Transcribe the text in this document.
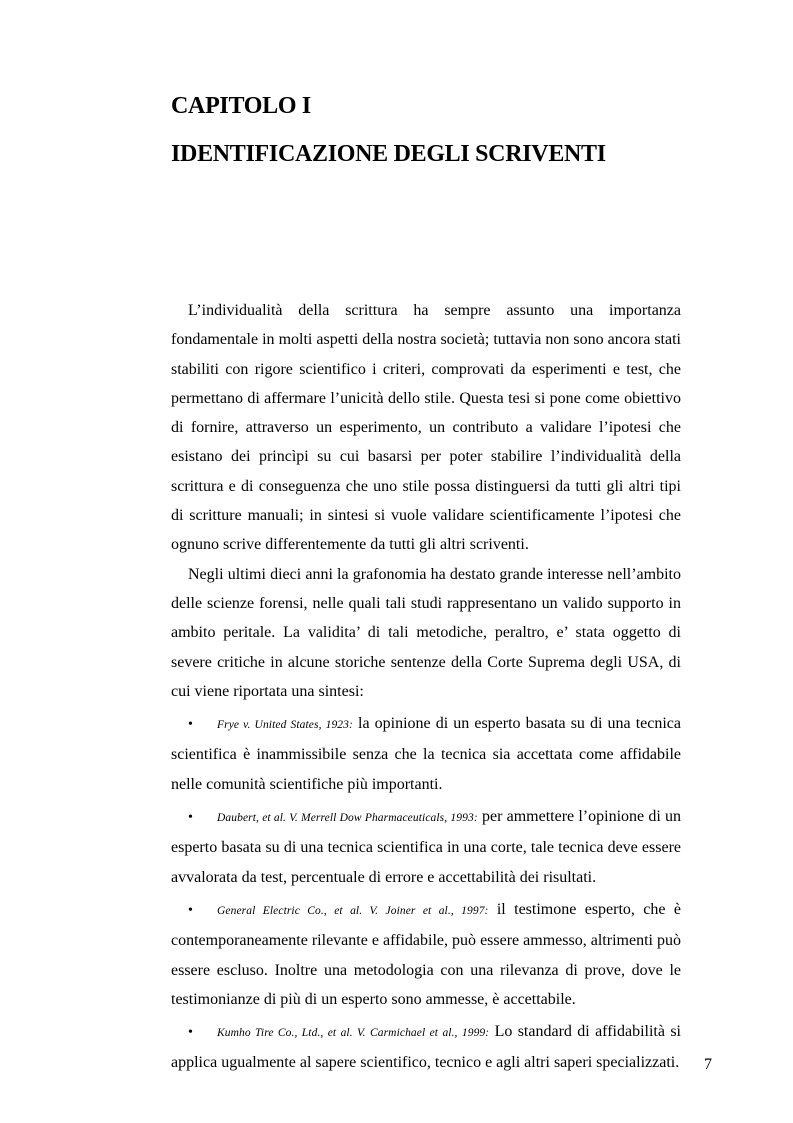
CAPITOLO I
IDENTIFICAZIONE DEGLI SCRIVENTI

L’individualità della scrittura ha sempre assunto una importanza fondamentale in molti aspetti della nostra società; tuttavia non sono ancora stati stabiliti con rigore scientifico i criteri, comprovati da esperimenti e test, che permettano di affermare l’unicità dello stile. Questa tesi si pone come obiettivo di fornire, attraverso un esperimento, un contributo a validare l’ipotesi che esistano dei princìpi su cui basarsi per poter stabilire l’individualità della scrittura e di conseguenza che uno stile possa distinguersi da tutti gli altri tipi di scritture manuali; in sintesi si vuole validare scientificamente l’ipotesi che ognuno scrive differentemente da tutti gli altri scriventi.

Negli ultimi dieci anni la grafonomia ha destato grande interesse nell’ambito delle scienze forensi, nelle quali tali studi rappresentano un valido supporto in ambito peritale. La validita’ di tali metodiche, peraltro, e’ stata oggetto di severe critiche in alcune storiche sentenze della Corte Suprema degli USA, di cui viene riportata una sintesi:

• Frye v. United States, 1923: la opinione di un esperto basata su di una tecnica scientifica è inammissibile senza che la tecnica sia accettata come affidabile nelle comunità scientifiche più importanti.

• Daubert, et al. V. Merrell Dow Pharmaceuticals, 1993: per ammettere l’opinione di un esperto basata su di una tecnica scientifica in una corte, tale tecnica deve essere avvalorata da test, percentuale di errore e accettabilità dei risultati.

• General Electric Co., et al. V. Joiner et al., 1997: il testimone esperto, che è contemporaneamente rilevante e affidabile, può essere ammesso, altrimenti può essere escluso. Inoltre una metodologia con una rilevanza di prove, dove le testimonianze di più di un esperto sono ammesse, è accettabile.

• Kumho Tire Co., Ltd., et al. V. Carmichael et al., 1999: Lo standard di affidabilità si applica ugualmente al sapere scientifico, tecnico e agli altri saperi specializzati. 7
